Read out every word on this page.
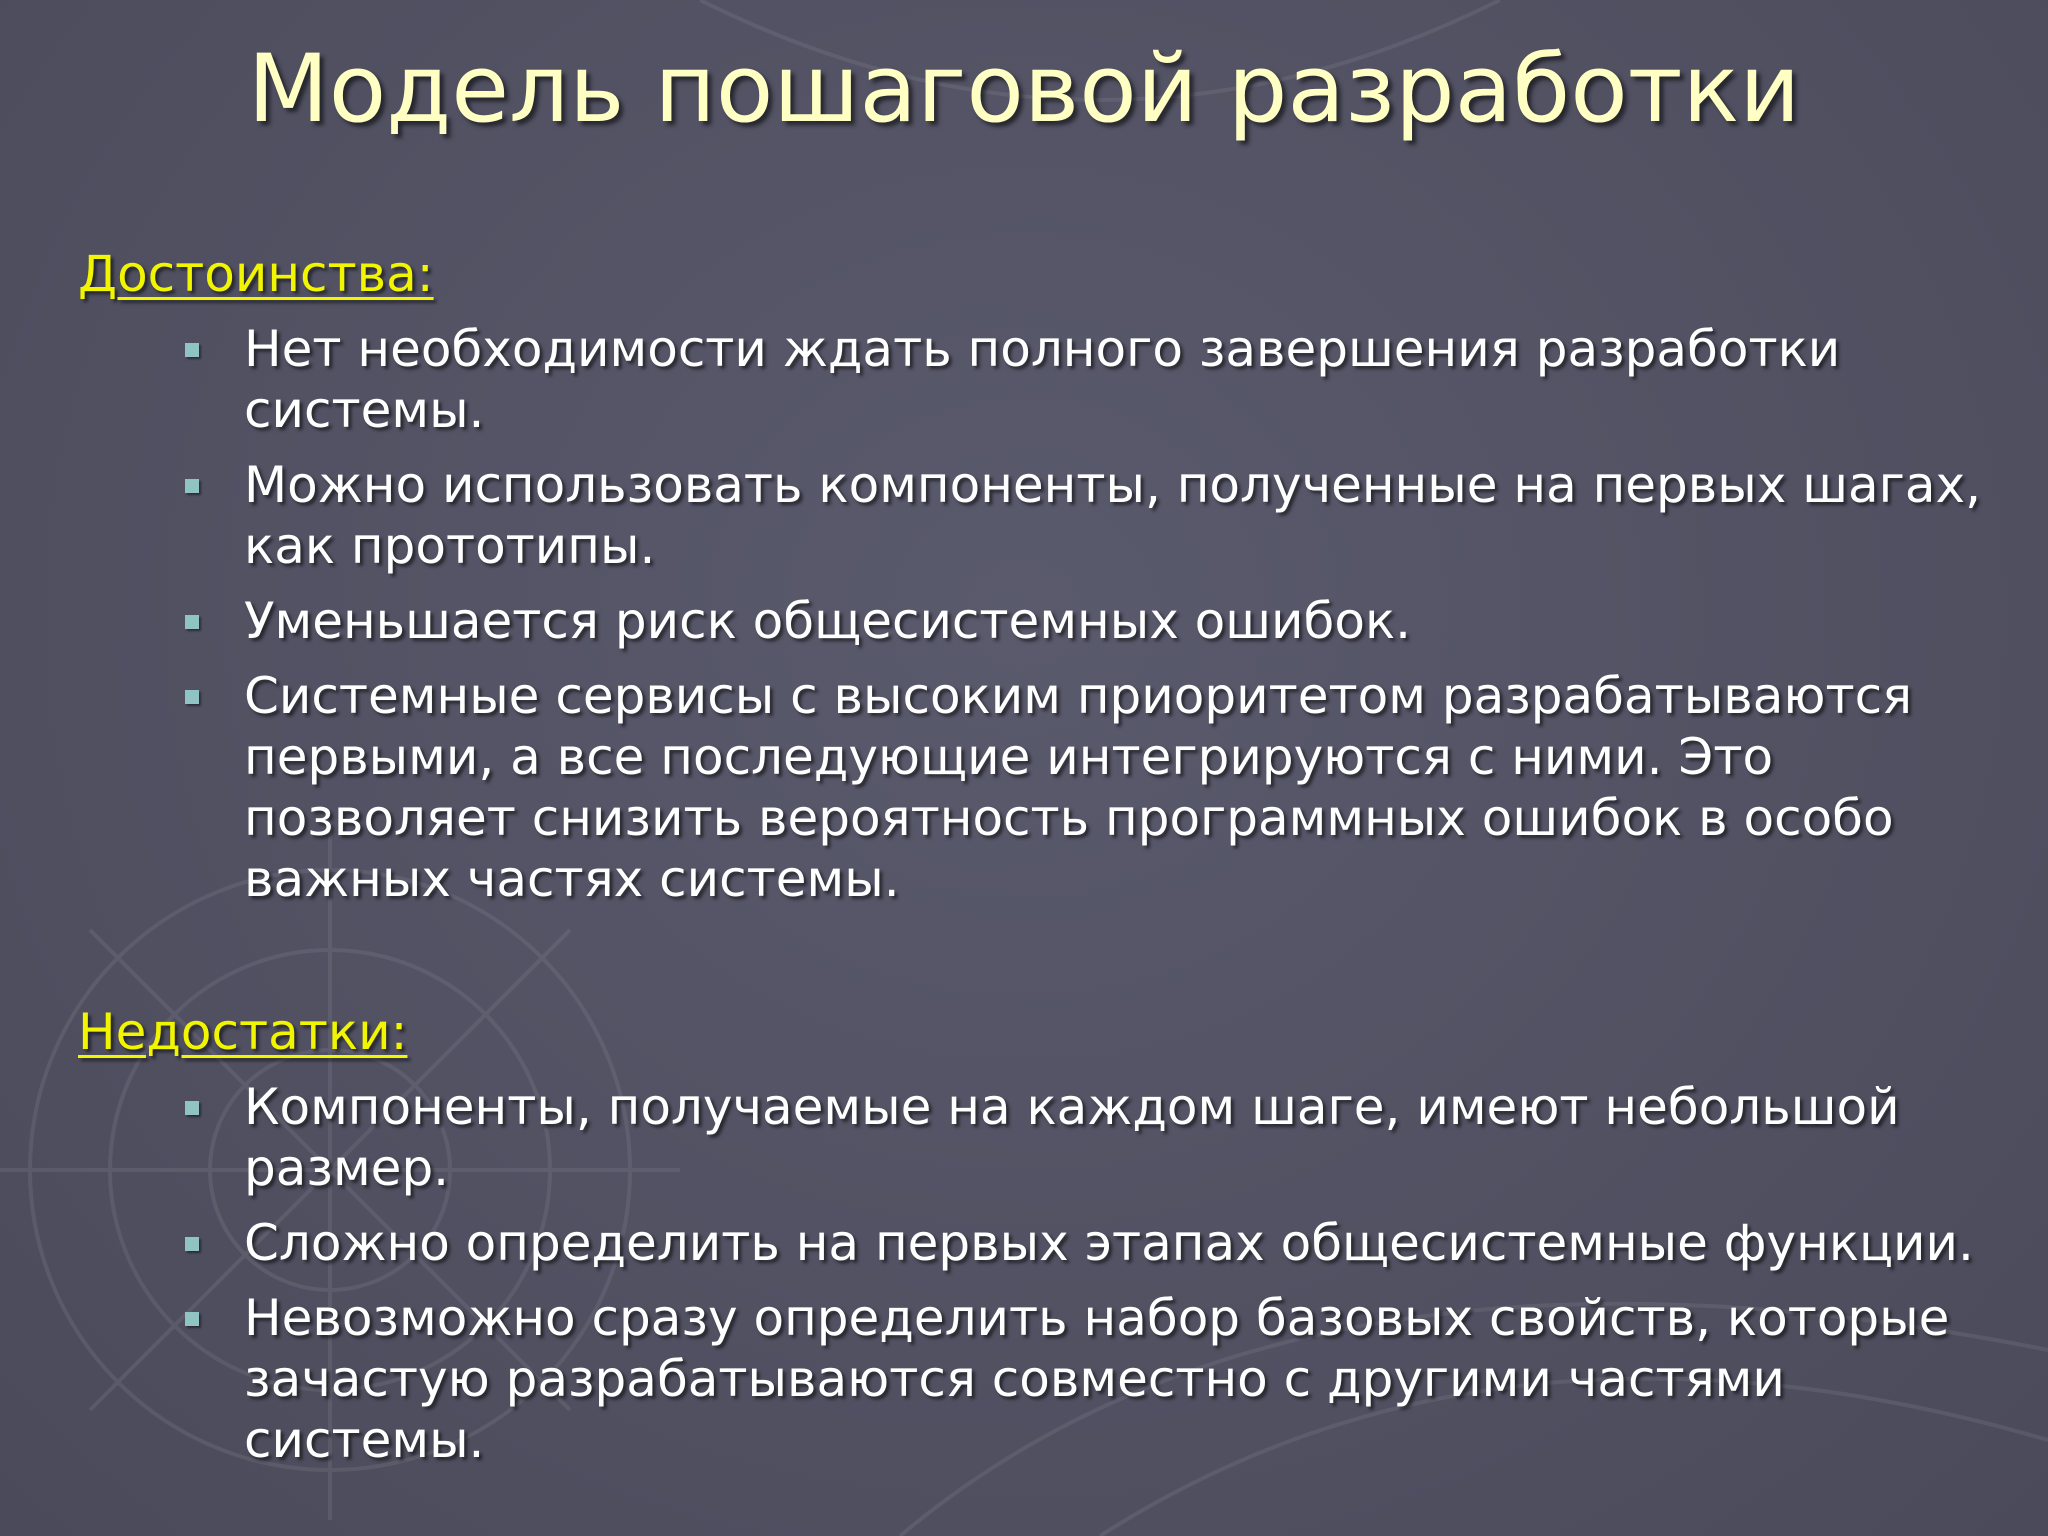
Модель пошаговой разработки
Достоинства:
Нет необходимости ждать полного завершения разработки системы.
Можно использовать компоненты, полученные на первых шагах, как прототипы.
Уменьшается риск общесистемных ошибок.
Системные сервисы с высоким приоритетом разрабатываются первыми, а все последующие интегрируются с ними. Это позволяет снизить вероятность программных ошибок в особо важных частях системы.
Недостатки:
Компоненты, получаемые на каждом шаге, имеют небольшой размер.
Сложно определить на первых этапах общесистемные функции.
Невозможно сразу определить набор базовых свойств, которые зачастую разрабатываются совместно с другими частями системы.
